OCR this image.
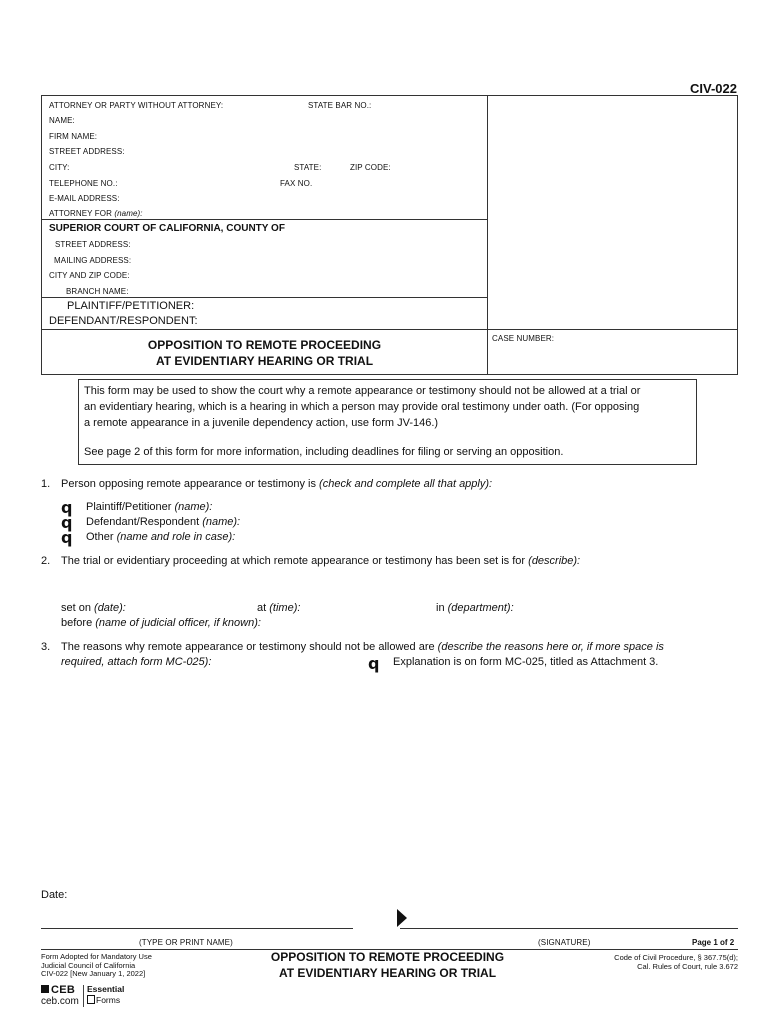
CIV-022
ATTORNEY OR PARTY WITHOUT ATTORNEY:	STATE BAR NO.:
NAME:
FIRM NAME:
STREET ADDRESS:
CITY:	STATE:	ZIP CODE:
TELEPHONE NO.:	FAX NO.
E-MAIL ADDRESS:
ATTORNEY FOR (name):
SUPERIOR COURT OF CALIFORNIA, COUNTY OF
STREET ADDRESS:
MAILING ADDRESS:
CITY AND ZIP CODE:
BRANCH NAME:
PLAINTIFF/PETITIONER:
DEFENDANT/RESPONDENT:
OPPOSITION TO REMOTE PROCEEDING
AT EVIDENTIARY HEARING OR TRIAL
CASE NUMBER:
This form may be used to show the court why a remote appearance or testimony should not be allowed at a trial or
an evidentiary hearing, which is a hearing in which a person may provide oral testimony under oath. (For opposing
a remote appearance in a juvenile dependency action, use form JV-146.)
See page 2 of this form for more information, including deadlines for filing or serving an opposition.
1. Person opposing remote appearance or testimony is (check and complete all that apply):
q Plaintiff/Petitioner (name):
q Defendant/Respondent (name):
q Other (name and role in case):
2. The trial or evidentiary proceeding at which remote appearance or testimony has been set is for (describe):
set on (date):	at (time):	in (department):
before (name of judicial officer, if known):
3. The reasons why remote appearance or testimony should not be allowed are (describe the reasons here or, if more space is
required, attach form MC-025):	q Explanation is on form MC-025, titled as Attachment 3.
Date:
(TYPE OR PRINT NAME)	(SIGNATURE)	Page 1 of 2
Form Adopted for Mandatory Use
Judicial Council of California
CIV-022 [New January 1, 2022]
OPPOSITION TO REMOTE PROCEEDING
AT EVIDENTIARY HEARING OR TRIAL
Code of Civil Procedure, § 367.75(d);
Cal. Rules of Court, rule 3.672
CEB
ceb.com
Essential
Forms
